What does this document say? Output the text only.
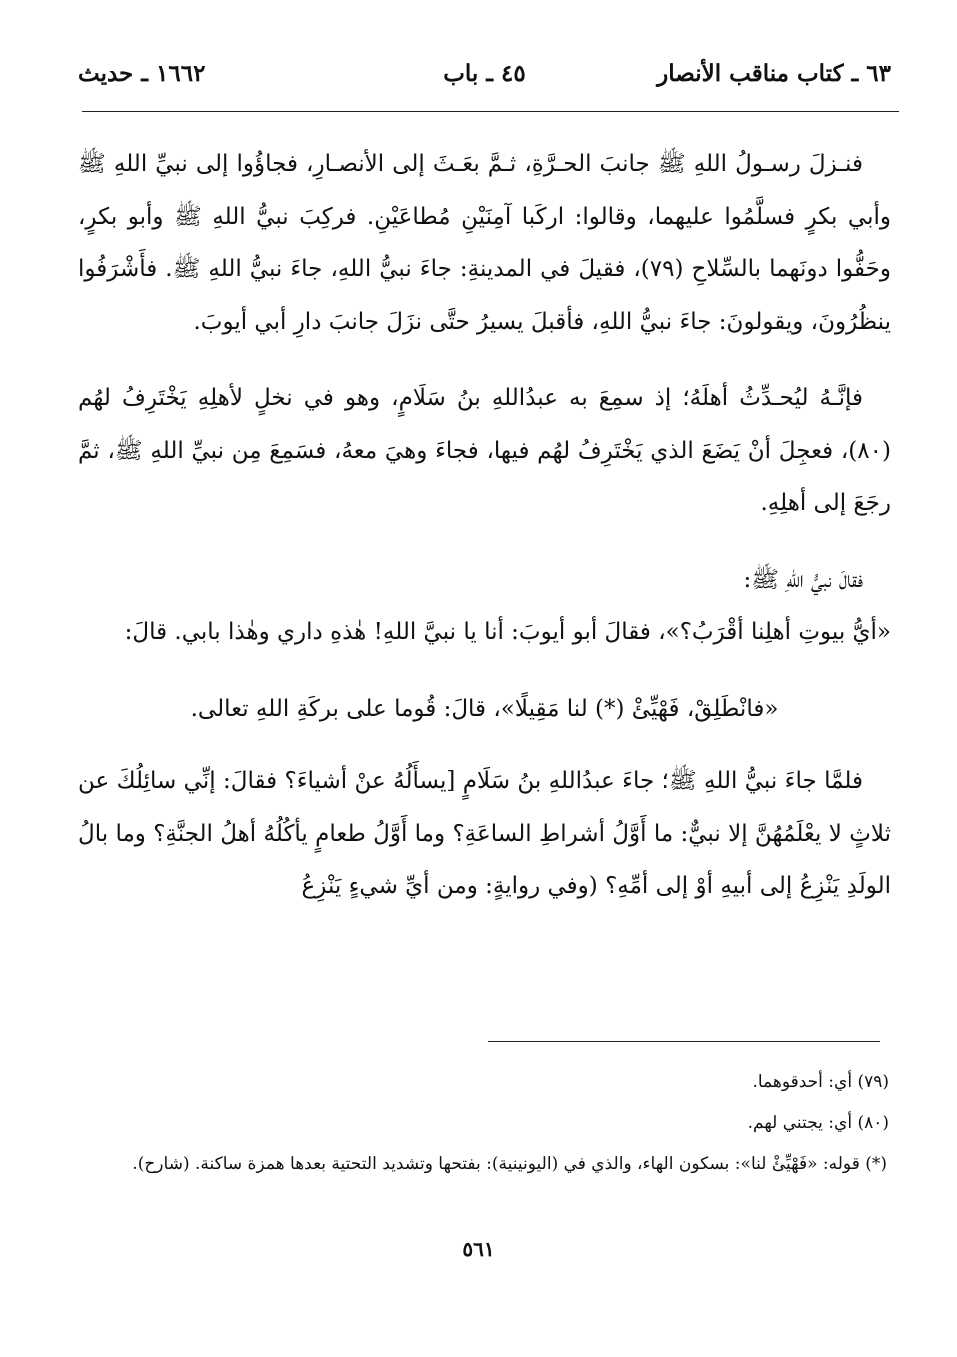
٦٣ ـ كتاب مناقب الأنصار
٤٥ ـ باب
١٦٦٢ ـ حديث

فنـزلَ رسـولُ اللهِ ﷺ جانبَ الحـرَّةِ، ثـمَّ بعَـثَ إلى الأنصـارِ، فجاؤُوا إلى نبيِّ اللهِ ﷺ وأبي بكرٍ فسلَّمُوا عليهما، وقالوا: اركَبا آمِنَيْنِ مُطاعَيْنِ. فركِبَ نبيُّ اللهِ ﷺ وأبو بكرٍ، وحَفُّوا دونَهما بالسِّلاحِ (٧٩)، فقيلَ في المدينةِ: جاءَ نبيُّ اللهِ، جاءَ نبيُّ اللهِ ﷺ. فأَشْرَفُوا ينظُرُونَ، ويقولونَ: جاءَ نبيُّ اللهِ، فأقبلَ يسيرُ حتَّى نزَلَ جانبَ دارِ أبي أيوبَ.

فإنَّـهُ ليُحـدِّثُ أهلَهُ؛ إذ سمِعَ به عبدُاللهِ بنُ سَلَامٍ، وهو في نخلٍ لأهلِهِ يَخْتَرِفُ لهُم (٨٠)، فعجِلَ أنْ يَضَعَ الذي يَخْتَرِفُ لهُم فيها، فجاءَ وهيَ معهُ، فسَمِعَ مِن نبيِّ اللهِ ﷺ، ثمَّ رجَعَ إلى أهلِهِ.

فقالَ نبيُّ اللهِ ﷺ:

«أيُّ بيوتِ أهلِنا أقْرَبُ؟»، فقالَ أبو أيوبَ: أنا يا نبيَّ اللهِ! هٰذهِ داري وهٰذا بابي. قالَ:

«فانْطَلِقْ، فَهْيِّئْ (*) لنا مَقِيلًا»، قالَ: قُوما على بركَةِ اللهِ تعالى.

فلمَّا جاءَ نبيُّ اللهِ ﷺ؛ جاءَ عبدُاللهِ بنُ سَلَامٍ [يسأَلُهُ عنْ أشياءَ؟ فقالَ: إنِّي سائِلُكَ عن ثلاثٍ لا يعْلَمُهُنَّ إلا نبيٌّ: ما أَوَّلُ أشراطِ الساعَةِ؟ وما أَوَّلُ طعامٍ يأكُلُهُ أهلُ الجنَّةِ؟ وما بالُ الولَدِ يَنْزِعُ إلى أبيهِ أوْ إلى أمِّهِ؟ (وفي روايةٍ: ومن أيِّ شيءٍ يَنْزِعُ

(٧٩) أي: أحدقوهما.

(٨٠) أي: يجتني لهم.

(*) قوله: «فَهْيِّئْ لنا»: بسكون الهاء، والذي في (اليونينية): بفتحها وتشديد التحتية بعدها همزة ساكنة. (شارح).

٥٦١
